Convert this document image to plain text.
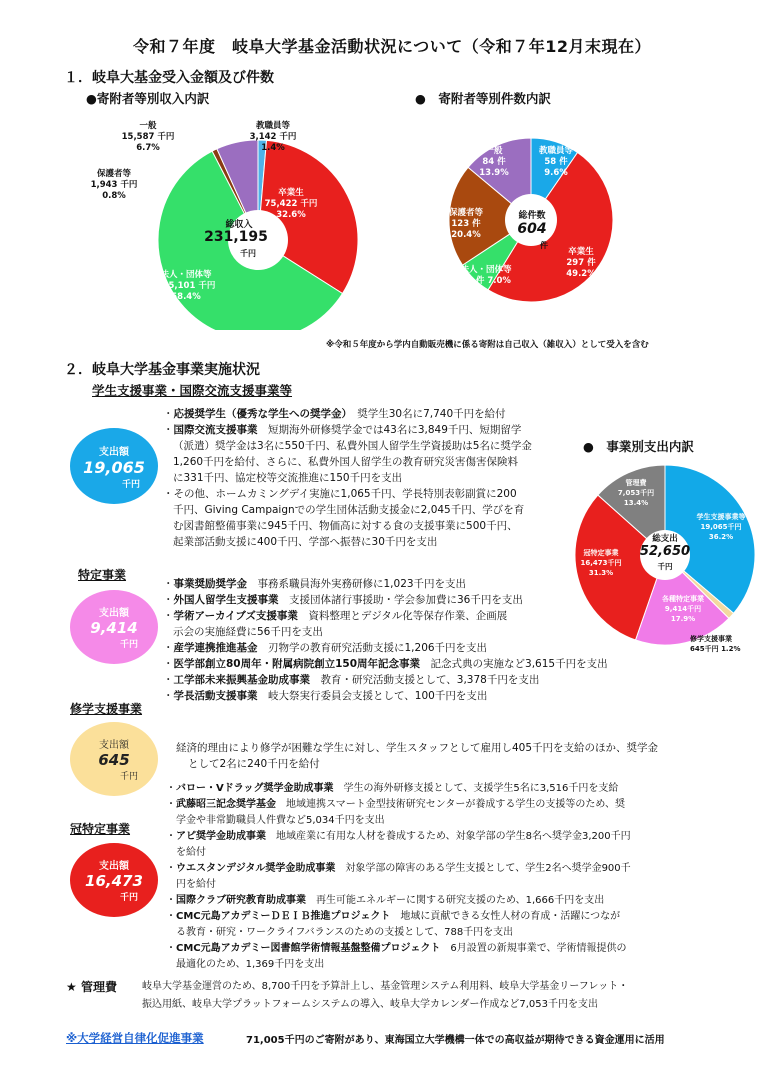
令和７年度　岐阜大学基金活動状況について（令和７年12月末現在）
１．岐阜大基金受入金額及び件数
●寄附者等別収入内訳	●　寄附者等別件数内訳
総収入
231,195
千円
一般
15,587 千円
6.7%
教職員等
3,142 千円
1.4%
保護者等
1,943 千円
0.8%	卒業生
75,422 千円
32.6%
法人・団体等
135,101 千円
58.4%
総件数
604
件
一般
84 件
13.9%
教職員等
58 件
9.6%
保護者等
123 件
20.4%
卒業生
297 件
49.2%
法人・団体等
42 件 7.0%
※令和５年度から学内自動販売機に係る寄附は自己収入（雑収入）として受入を含む
２．岐阜大学基金事業実施状況
学生支援事業・国際交流支援事業等
支出額
19,065
千円
・応援奨学生（優秀な学生への奨学金）　 奨学生30名に7,740千円を給付
・国際交流支援事業　 短期海外研修奨学金では43名に3,849千円、短期留学
（派遣）奨学金は3名に550千円、私費外国人留学生学資援助は5名に奨学金
1,260千円を給付、さらに、私費外国人留学生の教育研究災害傷害保険料
に331千円、協定校等交流推進に150千円を支出
・その他、ホームカミングデイ実施に1,065千円、学長特別表彰副賞に200
千円、Giving Campaignでの学生団体活動支援金に2,045千円、学びを育
む図書館整備事業に945千円、物価高に対する食の支援事業に500千円、
起業部活動支援に400千円、学部へ振替に30千円を支出
●　事業別支出内訳
総支出
52,650
千円
管理費
7,053千円
13.4%
学生支援事業等
19,065千円
36.2%
冠特定事業
16,473千円
31.3%
各種特定事業
9,414千円
17.9%
修学支援事業
645千円 1.2%
特定事業
支出額
9,414
千円
・事業奨励奨学金　 事務系職員海外実務研修に1,023千円を支出
・外国人留学生支援事業　 支援団体諸行事援助・学会参加費に36千円を支出
・学術アーカイブズ支援事業　 資料整理とデジタル化等保存作業、企画展
示会の実施経費に56千円を支出
・産学連携推進基金　 刃物学の教育研究活動支援に1,206千円を支出
・医学部創立80周年・附属病院創立150周年記念事業　 記念式典の実施など3,615千円を支出
・工学部未来振興基金助成事業　 教育・研究活動支援として、3,378千円を支出
・学長活動支援事業　 岐大祭実行委員会支援として、100千円を支出
修学支援事業
支出額
645
千円
経済的理由により修学が困難な学生に対し、学生スタッフとして雇用し405千円を支給のほか、奨学金
として2名に240千円を給付
冠特定事業
支出額
16,473
千円
・バロー・Vドラッグ奨学金助成事業　 学生の海外研修支援として、支援学生5名に3,516千円を支給
・武藤昭三記念奨学基金　 地域連携スマート金型技術研究センターが養成する学生の支援等のため、奨
学金や非常勤職員人件費など5,034千円を支出
・アピ奨学金助成事業　 地域産業に有用な人材を養成するため、対象学部の学生8名へ奨学金3,200千円
を給付
・ウエスタンデジタル奨学金助成事業　 対象学部の障害のある学生支援として、学生2名へ奨学金900千
円を給付
・国際クラブ研究教育助成事業　 再生可能エネルギーに関する研究支援のため、1,666千円を支出
・CMC元島アカデミーＤＥＩＢ推進プロジェクト　 地域に貢献できる女性人材の育成・活躍につなが
る教育・研究・ワークライフバランスのための支援として、788千円を支出
・CMC元島アカデミー図書館学術情報基盤整備プロジェクト　 6月設置の新規事業で、学術情報提供の
最適化のため、1,369千円を支出
★ 管理費	岐阜大学基金運営のため、8,700千円を予算計上し、基金管理システム利用料、岐阜大学基金リーフレット・
振込用紙、岐阜大学プラットフォームシステムの導入、岐阜大学カレンダー作成など7,053千円を支出
※大学経営自律化促進事業	71,005千円のご寄附があり、東海国立大学機構一体での高収益が期待できる資金運用に活用
